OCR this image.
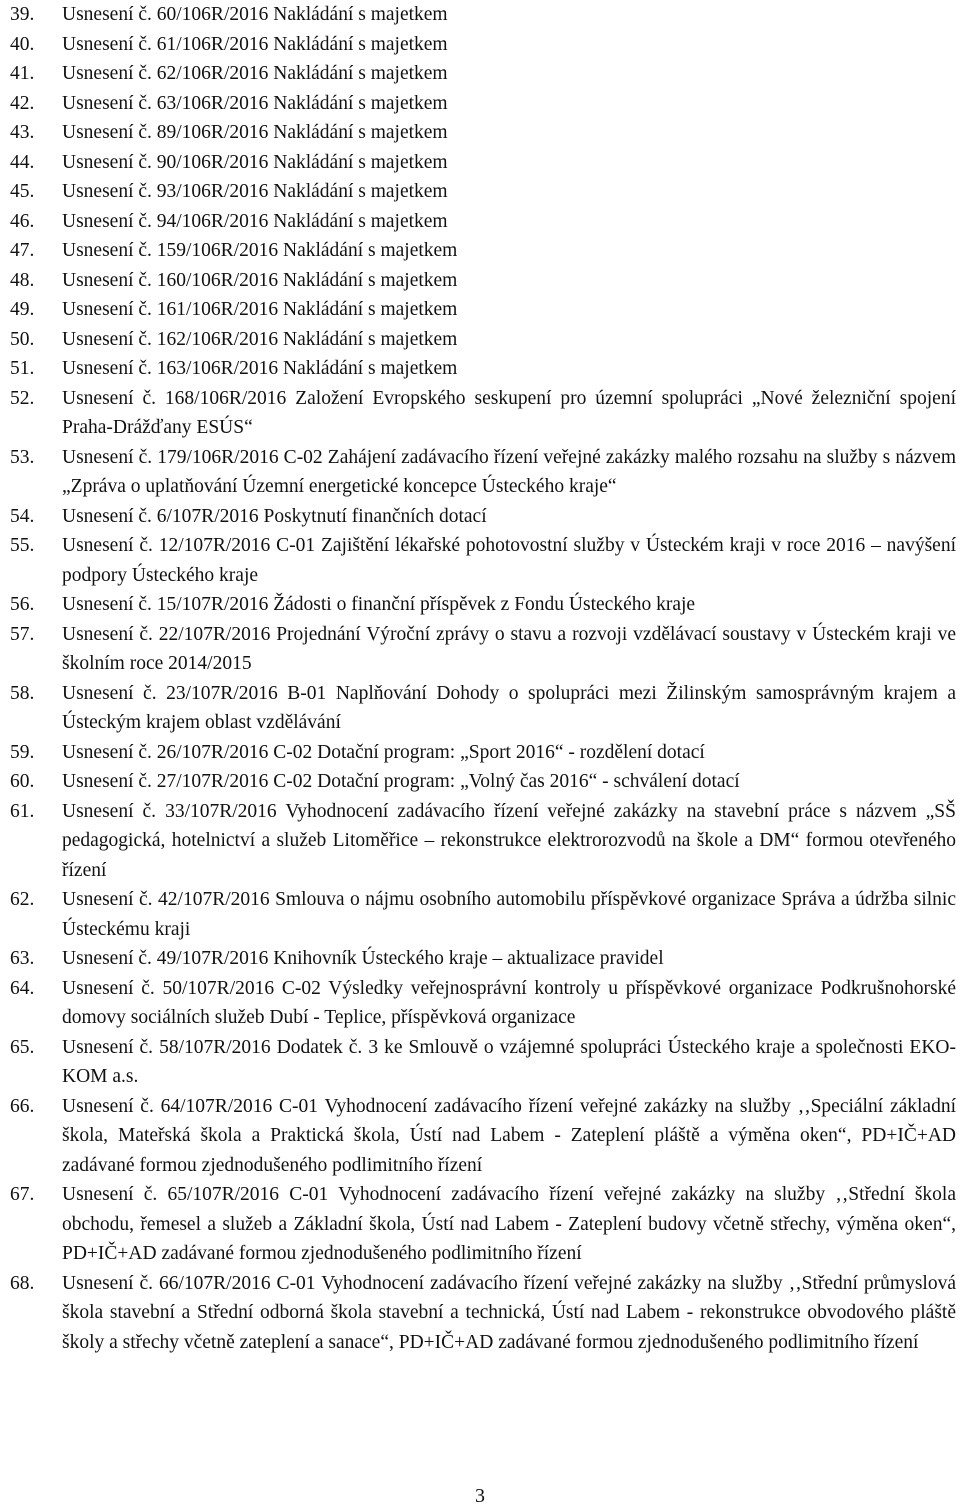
39. Usnesení č. 60/106R/2016 Nakládání s majetkem
40. Usnesení č. 61/106R/2016 Nakládání s majetkem
41. Usnesení č. 62/106R/2016 Nakládání s majetkem
42. Usnesení č. 63/106R/2016 Nakládání s majetkem
43. Usnesení č. 89/106R/2016 Nakládání s majetkem
44. Usnesení č. 90/106R/2016 Nakládání s majetkem
45. Usnesení č. 93/106R/2016 Nakládání s majetkem
46. Usnesení č. 94/106R/2016 Nakládání s majetkem
47. Usnesení č. 159/106R/2016 Nakládání s majetkem
48. Usnesení č. 160/106R/2016 Nakládání s majetkem
49. Usnesení č. 161/106R/2016 Nakládání s majetkem
50. Usnesení č. 162/106R/2016 Nakládání s majetkem
51. Usnesení č. 163/106R/2016 Nakládání s majetkem
52. Usnesení č. 168/106R/2016 Založení Evropského seskupení pro územní spolupráci „Nové železniční spojení Praha-Drážďany ESÚS“
53. Usnesení č. 179/106R/2016 C-02 Zahájení zadávacího řízení veřejné zakázky malého rozsahu na služby s názvem „Zpráva o uplatňování Územní energetické koncepce Ústeckého kraje“
54. Usnesení č. 6/107R/2016 Poskytnutí finančních dotací
55. Usnesení č. 12/107R/2016 C-01 Zajištění lékařské pohotovostní služby v Ústeckém kraji v roce 2016 – navýšení podpory Ústeckého kraje
56. Usnesení č. 15/107R/2016 Žádosti o finanční příspěvek z Fondu Ústeckého kraje
57. Usnesení č. 22/107R/2016 Projednání Výroční zprávy o stavu a rozvoji vzdělávací soustavy v Ústeckém kraji ve školním roce 2014/2015
58. Usnesení č. 23/107R/2016 B-01 Naplňování Dohody o spolupráci mezi Žilinským samosprávným krajem a Ústeckým krajem oblast vzdělávání
59. Usnesení č. 26/107R/2016 C-02 Dotační program: „Sport 2016“ - rozdělení dotací
60. Usnesení č. 27/107R/2016 C-02 Dotační program: „Volný čas 2016“ - schválení dotací
61. Usnesení č. 33/107R/2016 Vyhodnocení zadávacího řízení veřejné zakázky na stavební práce s názvem „SŠ pedagogická, hotelnictví a služeb Litoměřice – rekonstrukce elektrorozvodů na škole a DM“ formou otevřeného řízení
62. Usnesení č. 42/107R/2016 Smlouva o nájmu osobního automobilu příspěvkové organizace Správa a údržba silnic Ústeckému kraji
63. Usnesení č. 49/107R/2016 Knihovník Ústeckého kraje – aktualizace pravidel
64. Usnesení č. 50/107R/2016 C-02 Výsledky veřejnosprávní kontroly u příspěvkové organizace Podkrušnohorské domovy sociálních služeb Dubí - Teplice, příspěvková organizace
65. Usnesení č. 58/107R/2016 Dodatek č. 3 ke Smlouvě o vzájemné spolupráci Ústeckého kraje a společnosti EKO-KOM a.s.
66. Usnesení č. 64/107R/2016 C-01 Vyhodnocení zadávacího řízení veřejné zakázky na služby ‚‚Speciální základní škola, Mateřská škola a Praktická škola, Ústí nad Labem - Zateplení pláště a výměna oken“, PD+IČ+AD zadávané formou zjednodušeného podlimitního řízení
67. Usnesení č. 65/107R/2016 C-01 Vyhodnocení zadávacího řízení veřejné zakázky na služby ‚‚Střední škola obchodu, řemesel a služeb a Základní škola, Ústí nad Labem - Zateplení budovy včetně střechy, výměna oken“, PD+IČ+AD zadávané formou zjednodušeného podlimitního řízení
68. Usnesení č. 66/107R/2016 C-01 Vyhodnocení zadávacího řízení veřejné zakázky na služby ‚‚Střední průmyslová škola stavební a Střední odborná škola stavební a technická, Ústí nad Labem - rekonstrukce obvodového pláště školy a střechy včetně zateplení a sanace“, PD+IČ+AD zadávané formou zjednodušeného podlimitního řízení
3
